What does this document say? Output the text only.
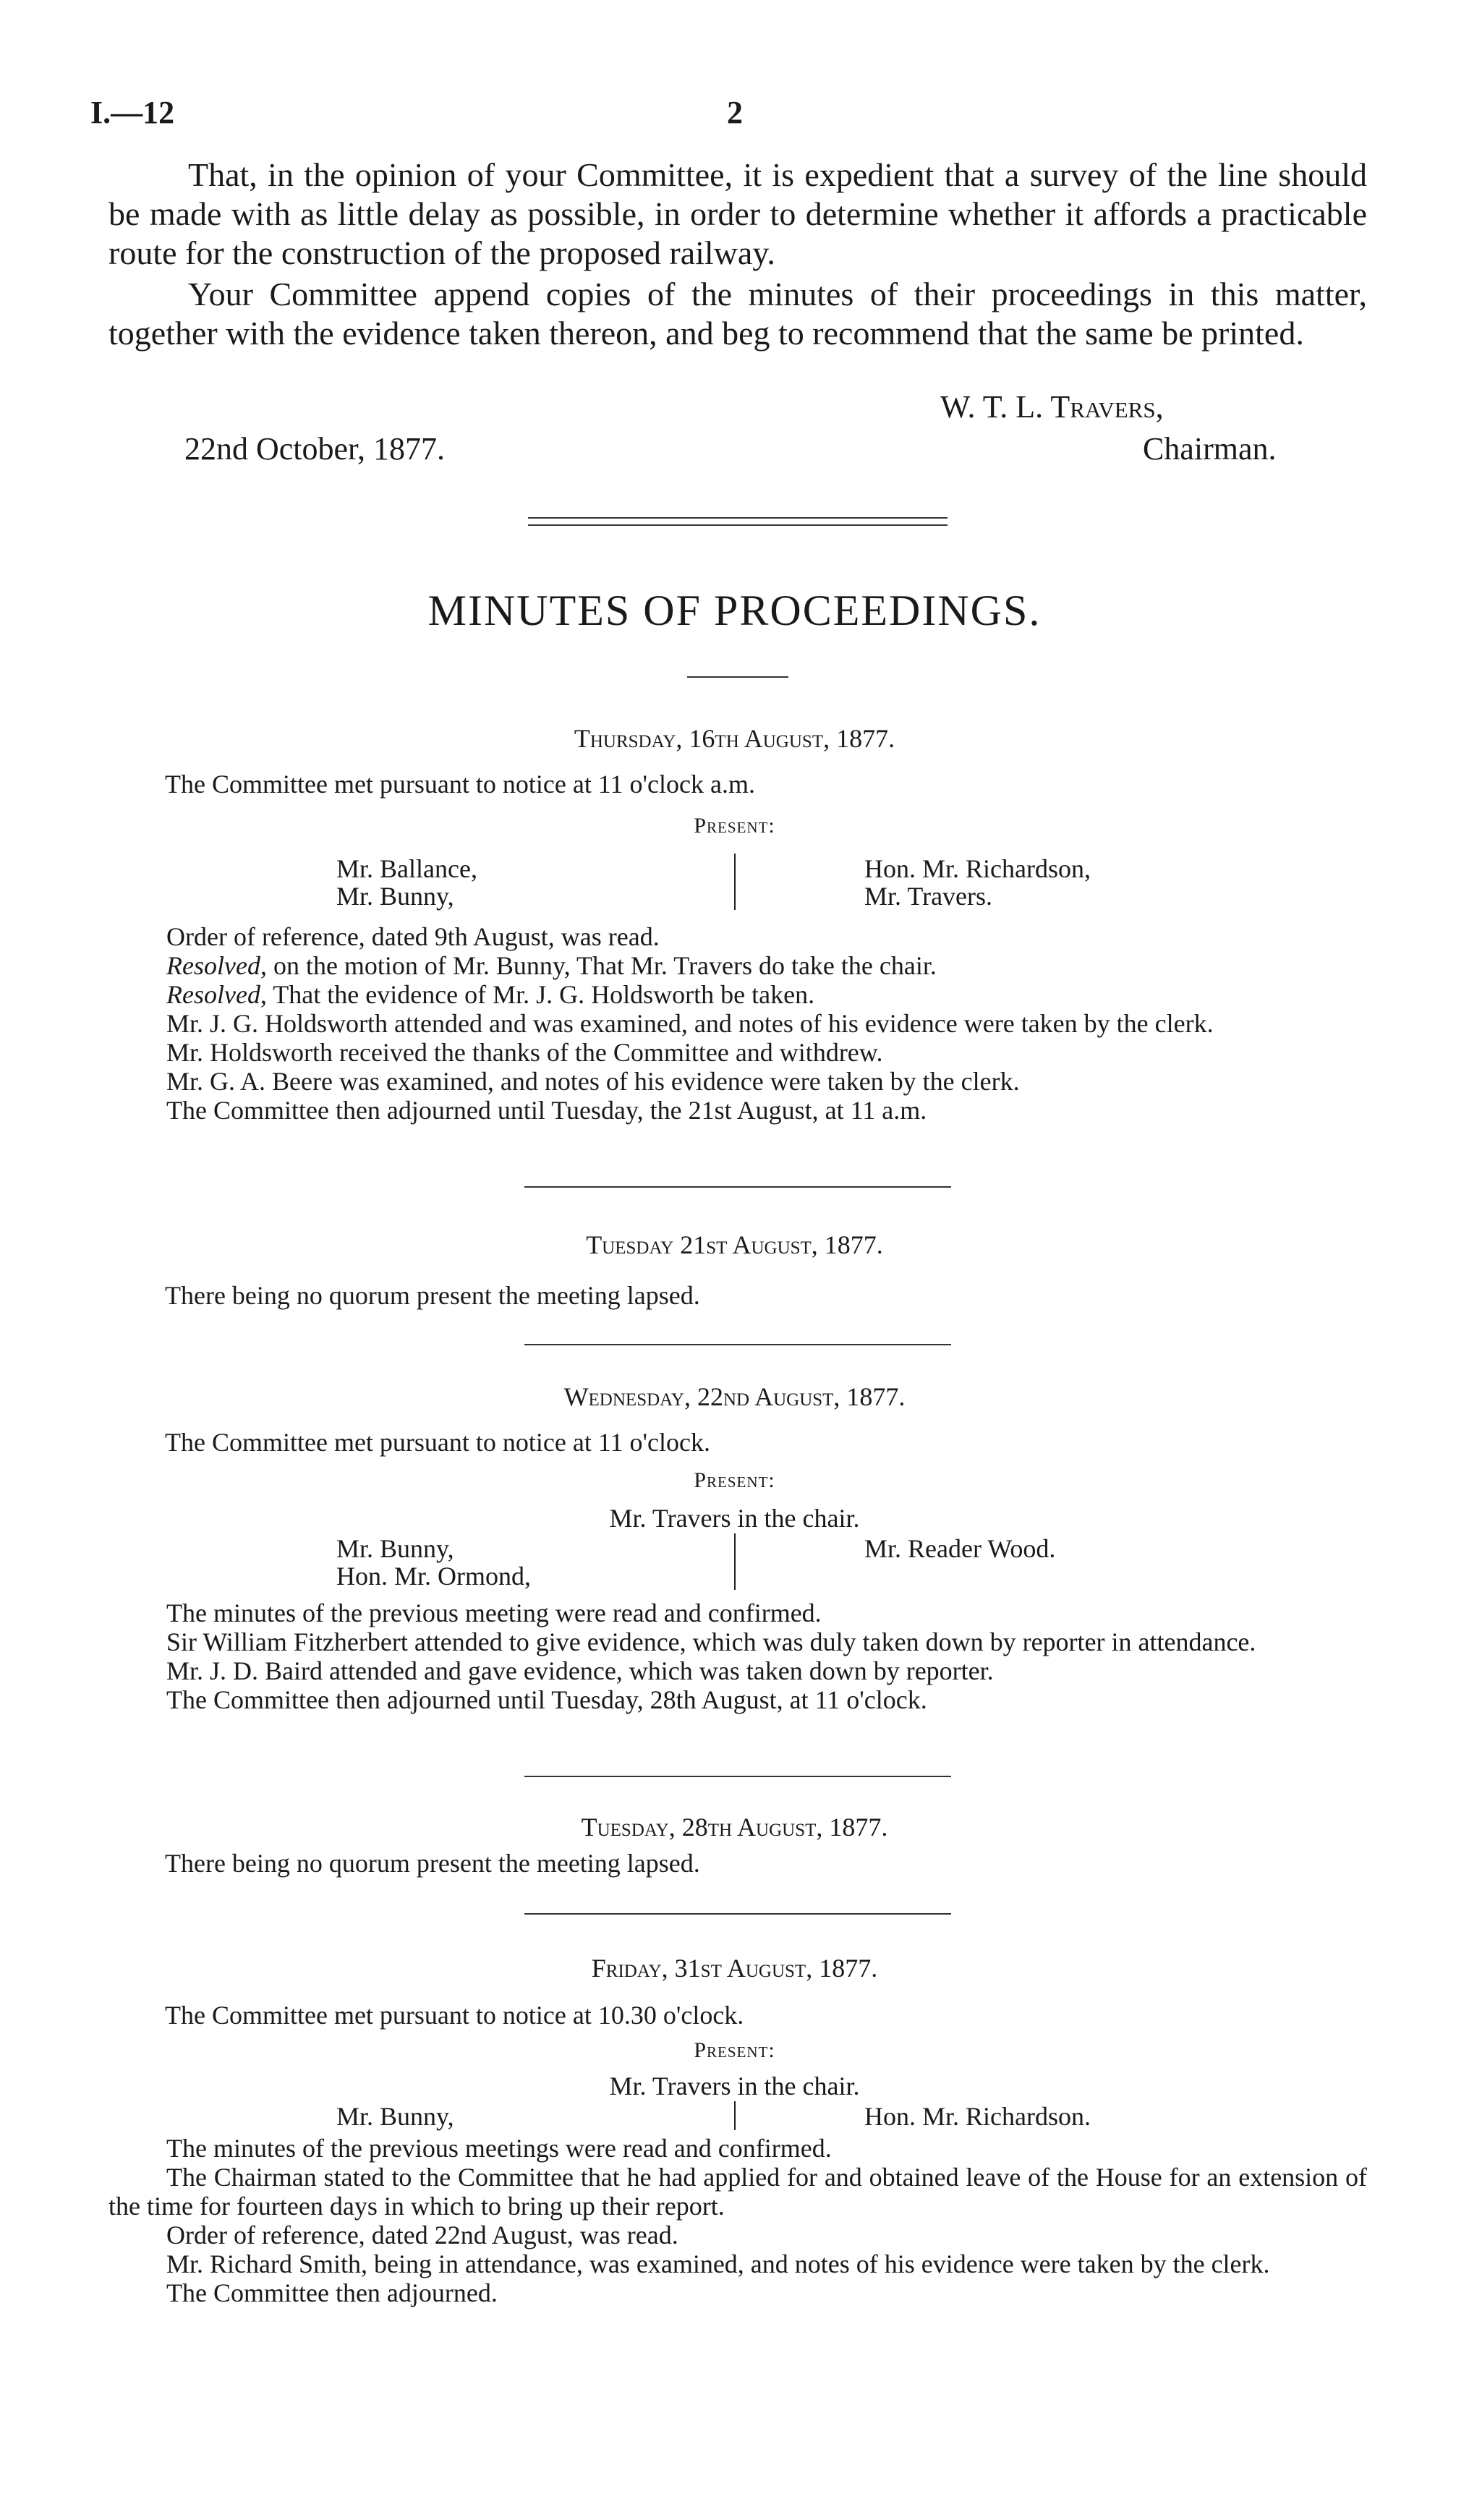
I.—12	2
That, in the opinion of your Committee, it is expedient that a survey of the line should be made with as little delay as possible, in order to determine whether it affords a practicable route for the construction of the proposed railway.
Your Committee append copies of the minutes of their proceedings in this matter, together with the evidence taken thereon, and beg to recommend that the same be printed.
W. T. L. Travers,
22nd October, 1877.	Chairman.
MINUTES OF PROCEEDINGS.
Thursday, 16th August, 1877.
The Committee met pursuant to notice at 11 o'clock a.m.
Present:
Mr. Ballance,
Mr. Bunny,
Hon. Mr. Richardson,
Mr. Travers.
Order of reference, dated 9th August, was read.
Resolved, on the motion of Mr. Bunny, That Mr. Travers do take the chair.
Resolved, That the evidence of Mr. J. G. Holdsworth be taken.
Mr. J. G. Holdsworth attended and was examined, and notes of his evidence were taken by the clerk.
Mr. Holdsworth received the thanks of the Committee and withdrew.
Mr. G. A. Beere was examined, and notes of his evidence were taken by the clerk.
The Committee then adjourned until Tuesday, the 21st August, at 11 a.m.
Tuesday 21st August, 1877.
There being no quorum present the meeting lapsed.
Wednesday, 22nd August, 1877.
The Committee met pursuant to notice at 11 o'clock.
Present:
Mr. Travers in the chair.
Mr. Bunny,
Hon. Mr. Ormond,
Mr. Reader Wood.
The minutes of the previous meeting were read and confirmed.
Sir William Fitzherbert attended to give evidence, which was duly taken down by reporter in attendance.
Mr. J. D. Baird attended and gave evidence, which was taken down by reporter.
The Committee then adjourned until Tuesday, 28th August, at 11 o'clock.
Tuesday, 28th August, 1877.
There being no quorum present the meeting lapsed.
Friday, 31st August, 1877.
The Committee met pursuant to notice at 10.30 o'clock.
Present:
Mr. Travers in the chair.
Mr. Bunny,	Hon. Mr. Richardson.
The minutes of the previous meetings were read and confirmed.
The Chairman stated to the Committee that he had applied for and obtained leave of the House for an extension of the time for fourteen days in which to bring up their report.
Order of reference, dated 22nd August, was read.
Mr. Richard Smith, being in attendance, was examined, and notes of his evidence were taken by the clerk.
The Committee then adjourned.
